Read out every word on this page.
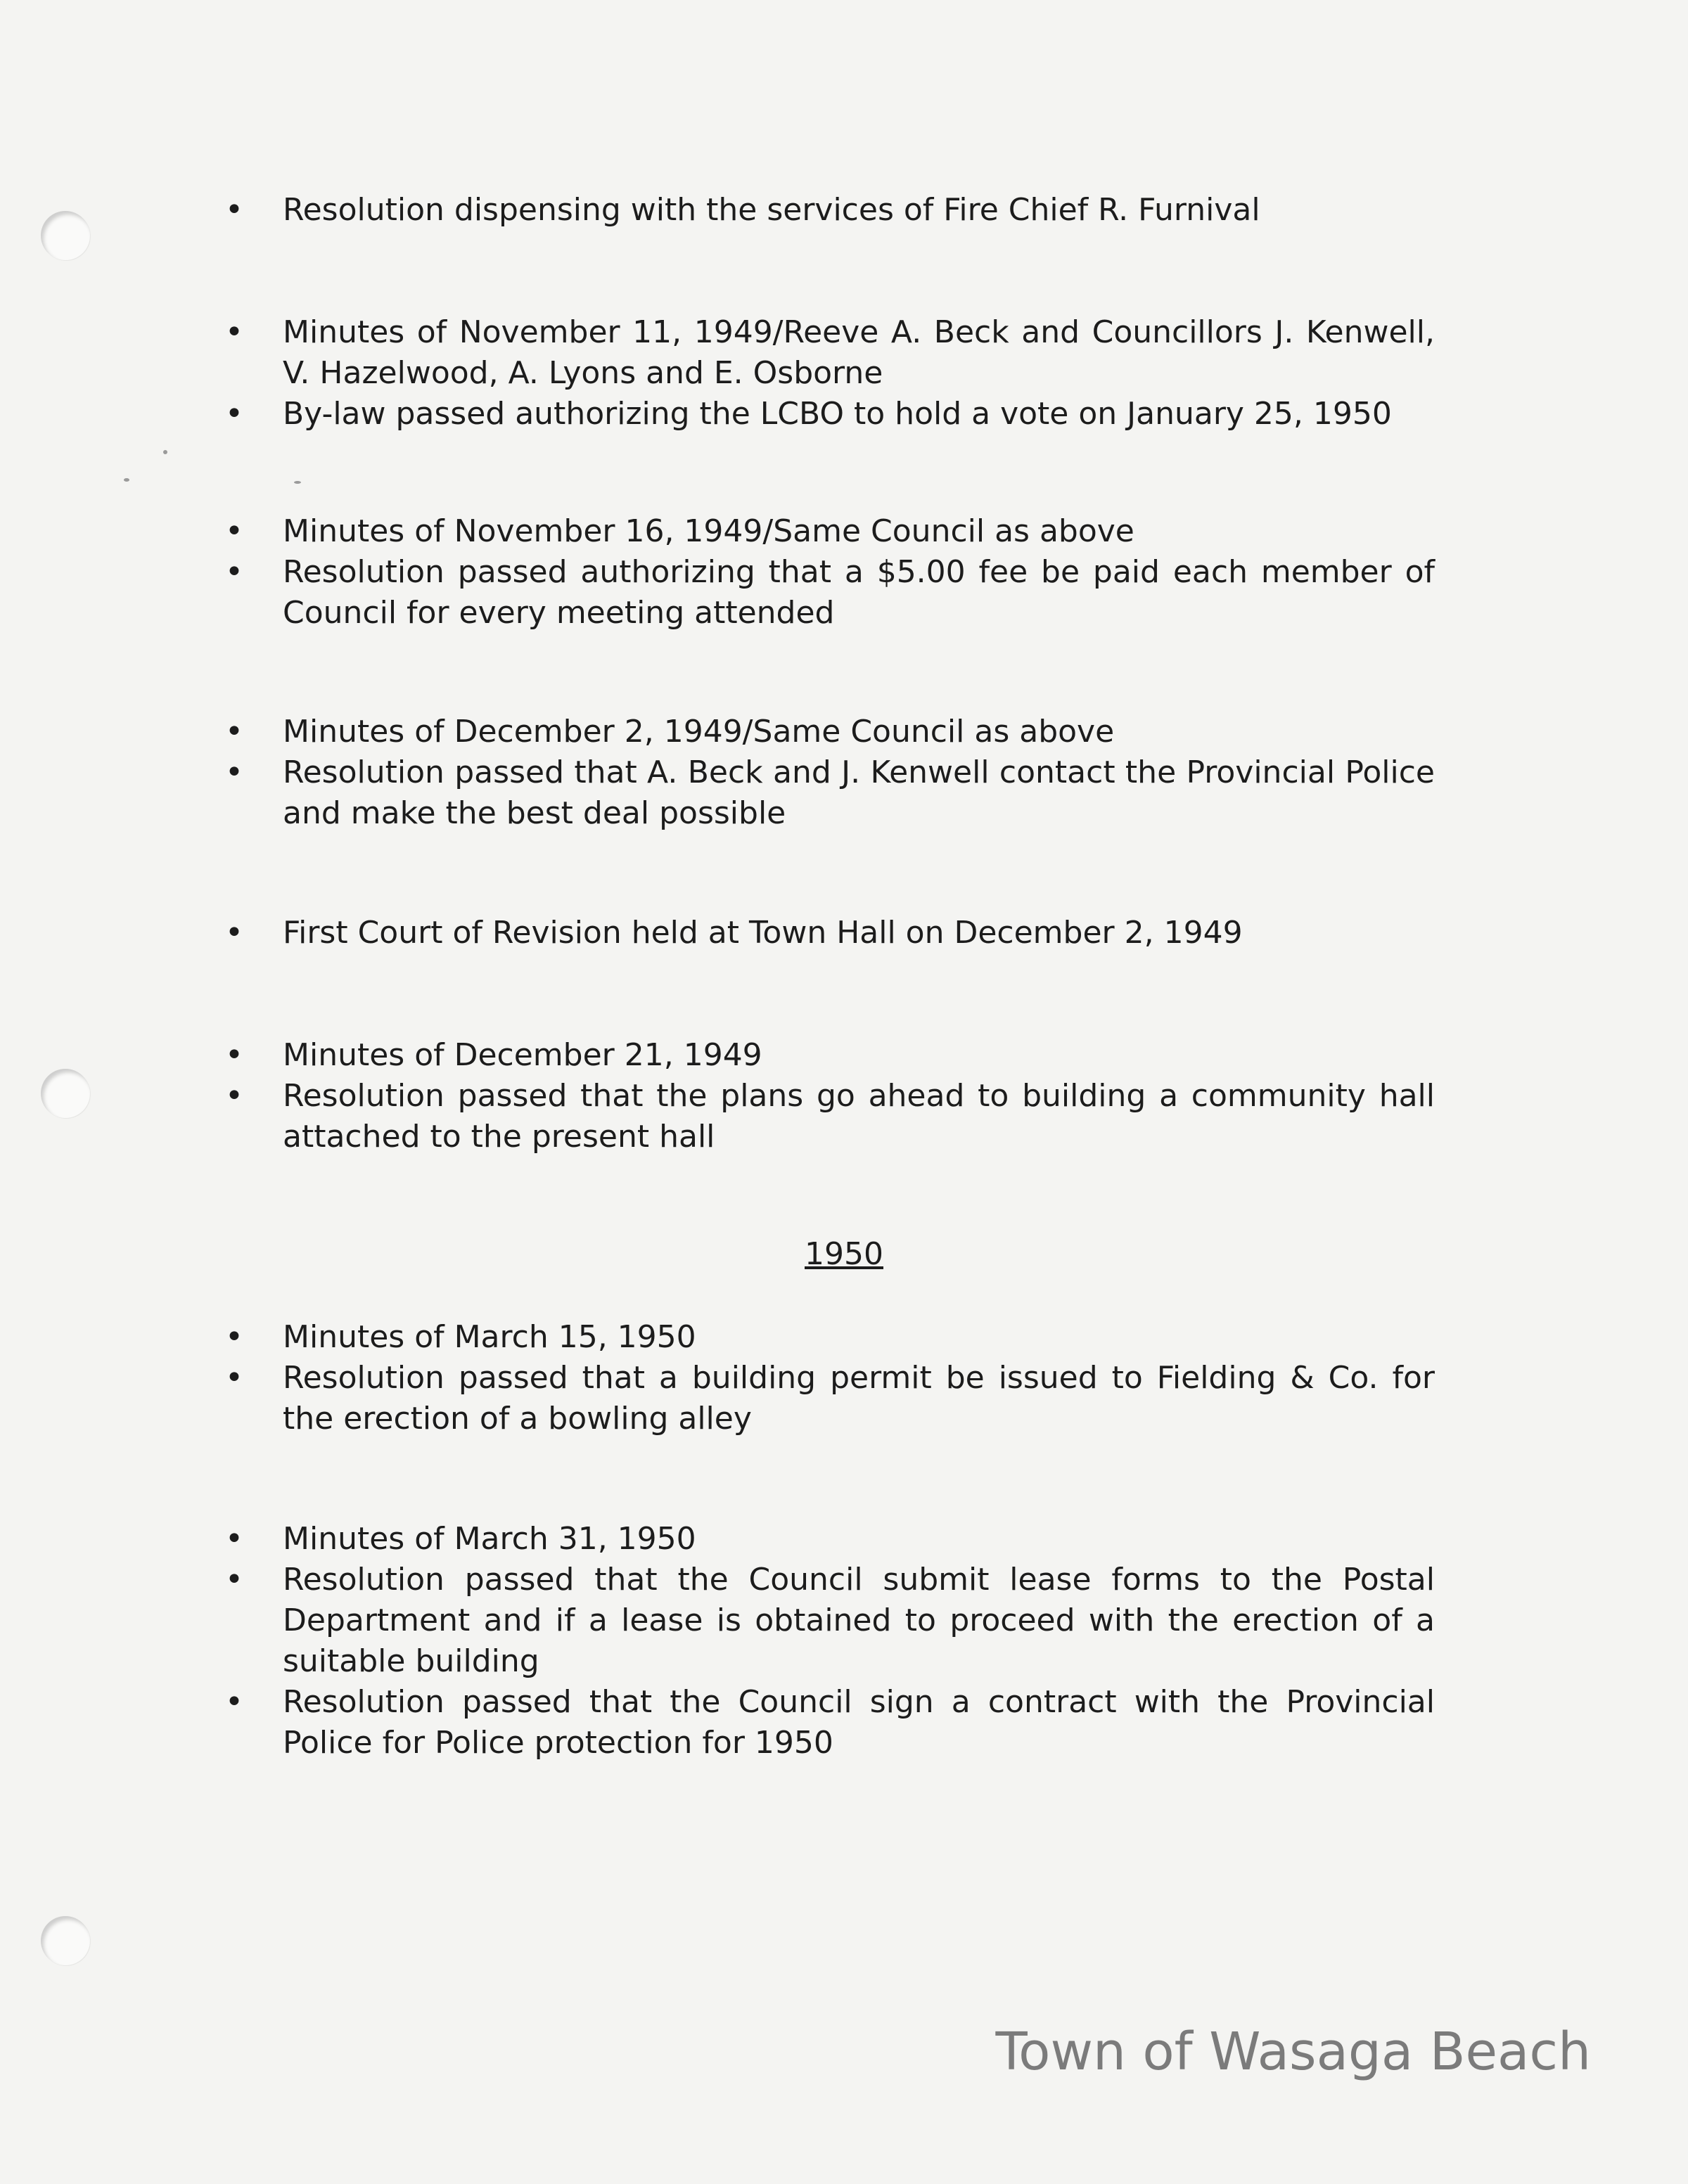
• Resolution dispensing with the services of Fire Chief R. Furnival
• Minutes of November 11, 1949/Reeve A. Beck and Councillors J. Kenwell, V. Hazelwood, A. Lyons and E. Osborne
• By-law passed authorizing the LCBO to hold a vote on January 25, 1950
• Minutes of November 16, 1949/Same Council as above
• Resolution passed authorizing that a $5.00 fee be paid each member of Council for every meeting attended
• Minutes of December 2, 1949/Same Council as above
• Resolution passed that A. Beck and J. Kenwell contact the Provincial Police and make the best deal possible
• First Court of Revision held at Town Hall on December 2, 1949
• Minutes of December 21, 1949
• Resolution passed that the plans go ahead to building a community hall attached to the present hall
1950
• Minutes of March 15, 1950
• Resolution passed that a building permit be issued to Fielding & Co. for the erection of a bowling alley
• Minutes of March 31, 1950
• Resolution passed that the Council submit lease forms to the Postal Department and if a lease is obtained to proceed with the erection of a suitable building
• Resolution passed that the Council sign a contract with the Provincial Police for Police protection for 1950
Town of Wasaga Beach
